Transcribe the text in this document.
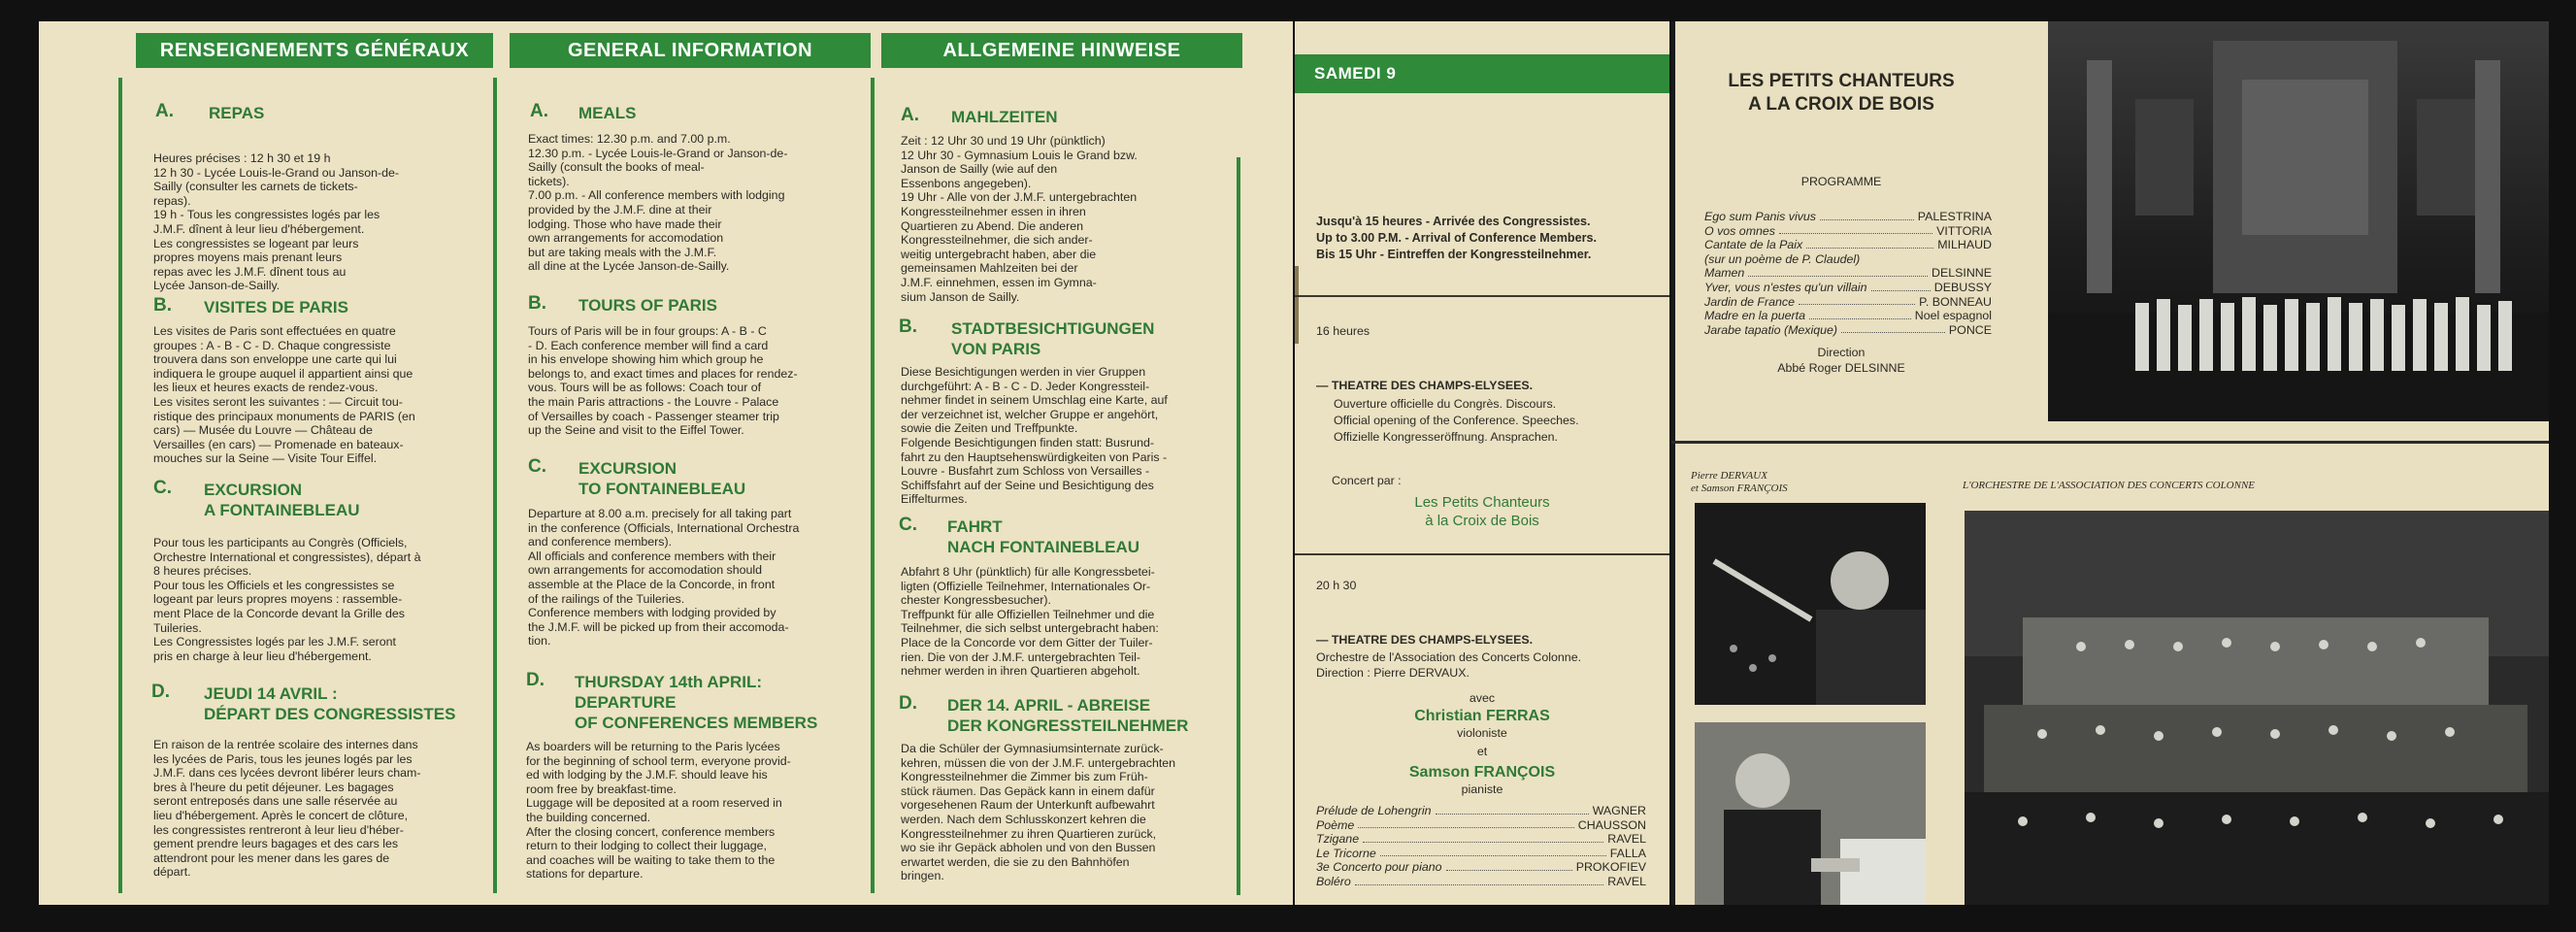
RENSEIGNEMENTS GÉNÉRAUX	GENERAL INFORMATION	ALLGEMEINE HINWEISE
A. REPAS
Heures précises : 12 h 30 et 19 h
12 h 30 - Lycée Louis-le-Grand ou Janson-de-
Sailly (consulter les carnets de tickets-
repas).
19 h - Tous les congressistes logés par les
J.M.F. dînent à leur lieu d'hébergement.
Les congressistes se logeant par leurs
propres moyens mais prenant leurs
repas avec les J.M.F. dînent tous au
Lycée Janson-de-Sailly.
B. VISITES DE PARIS
Les visites de Paris sont effectuées en quatre
groupes : A - B - C - D. Chaque congressiste
trouvera dans son enveloppe une carte qui lui
indiquera le groupe auquel il appartient ainsi que
les lieux et heures exacts de rendez-vous.
Les visites seront les suivantes : — Circuit tou-
ristique des principaux monuments de PARIS (en
cars) — Musée du Louvre — Château de
Versailles (en cars) — Promenade en bateaux-
mouches sur la Seine — Visite Tour Eiffel.
C. EXCURSION
A FONTAINEBLEAU
Pour tous les participants au Congrès (Officiels,
Orchestre International et congressistes), départ à
8 heures précises.
Pour tous les Officiels et les congressistes se
logeant par leurs propres moyens : rassemble-
ment Place de la Concorde devant la Grille des
Tuileries.
Les Congressistes logés par les J.M.F. seront
pris en charge à leur lieu d'hébergement.
D. JEUDI 14 AVRIL :
DÉPART DES CONGRESSISTES
En raison de la rentrée scolaire des internes dans
les lycées de Paris, tous les jeunes logés par les
J.M.F. dans ces lycées devront libérer leurs cham-
bres à l'heure du petit déjeuner. Les bagages
seront entreposés dans une salle réservée au
lieu d'hébergement. Après le concert de clôture,
les congressistes rentreront à leur lieu d'héber-
gement prendre leurs bagages et des cars les
attendront pour les mener dans les gares de
départ.
A. MEALS
Exact times: 12.30 p.m. and 7.00 p.m.
12.30 p.m. - Lycée Louis-le-Grand or Janson-de-
Sailly (consult the books of meal-
tickets).
7.00 p.m. - All conference members with lodging
provided by the J.M.F. dine at their
lodging. Those who have made their
own arrangements for accomodation
but are taking meals with the J.M.F.
all dine at the Lycée Janson-de-Sailly.
B. TOURS OF PARIS
Tours of Paris will be in four groups: A - B - C
- D. Each conference member will find a card
in his envelope showing him which group he
belongs to, and exact times and places for rendez-
vous. Tours will be as follows: Coach tour of
the main Paris attractions - the Louvre - Palace
of Versailles by coach - Passenger steamer trip
up the Seine and visit to the Eiffel Tower.
C. EXCURSION
TO FONTAINEBLEAU
Departure at 8.00 a.m. precisely for all taking part
in the conference (Officials, International Orchestra
and conference members).
All officials and conference members with their
own arrangements for accomodation should
assemble at the Place de la Concorde, in front
of the railings of the Tuileries.
Conference members with lodging provided by
the J.M.F. will be picked up from their accomoda-
tion.
D. THURSDAY 14th APRIL:
DEPARTURE
OF CONFERENCES MEMBERS
As boarders will be returning to the Paris lycées
for the beginning of school term, everyone provid-
ed with lodging by the J.M.F. should leave his
room free by breakfast-time.
Luggage will be deposited at a room reserved in
the building concerned.
After the closing concert, conference members
return to their lodging to collect their luggage,
and coaches will be waiting to take them to the
stations for departure.
A. MAHLZEITEN
Zeit : 12 Uhr 30 und 19 Uhr (pünktlich)
12 Uhr 30 - Gymnasium Louis le Grand bzw.
Janson de Sailly (wie auf den
Essenbons angegeben).
19 Uhr - Alle von der J.M.F. untergebrachten
Kongressteilnehmer essen in ihren
Quartieren zu Abend. Die anderen
Kongressteilnehmer, die sich ander-
weitig untergebracht haben, aber die
gemeinsamen Mahlzeiten bei der
J.M.F. einnehmen, essen im Gymna-
sium Janson de Sailly.
B. STADTBESICHTIGUNGEN
VON PARIS
Diese Besichtigungen werden in vier Gruppen
durchgeführt: A - B - C - D. Jeder Kongressteil-
nehmer findet in seinem Umschlag eine Karte, auf
der verzeichnet ist, welcher Gruppe er angehört,
sowie die Zeiten und Treffpunkte.
Folgende Besichtigungen finden statt: Busrund-
fahrt zu den Hauptsehenswürdigkeiten von Paris -
Louvre - Busfahrt zum Schloss von Versailles -
Schiffsfahrt auf der Seine und Besichtigung des
Eiffelturmes.
C. FAHRT
NACH FONTAINEBLEAU
Abfahrt 8 Uhr (pünktlich) für alle Kongressbetei-
ligten (Offizielle Teilnehmer, Internationales Or-
chester Kongressbesucher).
Treffpunkt für alle Offiziellen Teilnehmer und die
Teilnehmer, die sich selbst untergebracht haben:
Place de la Concorde vor dem Gitter der Tuiler-
rien. Die von der J.M.F. untergebrachten Teil-
nehmer werden in ihren Quartieren abgeholt.
D. DER 14. APRIL - ABREISE
DER KONGRESSTEILNEHMER
Da die Schüler der Gymnasiumsinternate zurück-
kehren, müssen die von der J.M.F. untergebrachten
Kongressteilnehmer die Zimmer bis zum Früh-
stück räumen. Das Gepäck kann in einem dafür
vorgesehenen Raum der Unterkunft aufbewahrt
werden. Nach dem Schlusskonzert kehren die
Kongressteilnehmer zu ihren Quartieren zurück,
wo sie ihr Gepäck abholen und von den Bussen
erwartet werden, die sie zu den Bahnhöfen
bringen.
SAMEDI 9
Jusqu'à 15 heures - Arrivée des Congressistes.
Up to 3.00 P.M. - Arrival of Conference Members.
Bis 15 Uhr - Eintreffen der Kongressteilnehmer.
16 heures
— THEATRE DES CHAMPS-ELYSEES.
Ouverture officielle du Congrès. Discours.
Official opening of the Conference. Speeches.
Offizielle Kongresseröffnung. Ansprachen.
Concert par :
Les Petits Chanteurs
à la Croix de Bois
20 h 30
— THEATRE DES CHAMPS-ELYSEES.
Orchestre de l'Association des Concerts Colonne.
Direction : Pierre DERVAUX.
avec
Christian FERRAS
violoniste
et
Samson FRANÇOIS
pianiste
Prélude de Lohengrin	WAGNER
Poème	CHAUSSON
Tzigane	RAVEL
Le Tricorne	FALLA
3e Concerto pour piano	PROKOFIEV
Boléro	RAVEL
LES PETITS CHANTEURS
A LA CROIX DE BOIS
PROGRAMME
Ego sum Panis vivus	PALESTRINA
O vos omnes	VITTORIA
Cantate de la Paix	MILHAUD
(sur un poème de P. Claudel)
Mamen	DELSINNE
Yver, vous n'estes qu'un villain	DEBUSSY
Jardin de France	P. BONNEAU
Madre en la puerta	Noel espagnol
Jarabe tapatio (Mexique)	PONCE
Direction
Abbé Roger DELSINNE
Pierre DERVAUX
et Samson FRANÇOIS	L'ORCHESTRE DE L'ASSOCIATION DES CONCERTS COLONNE
